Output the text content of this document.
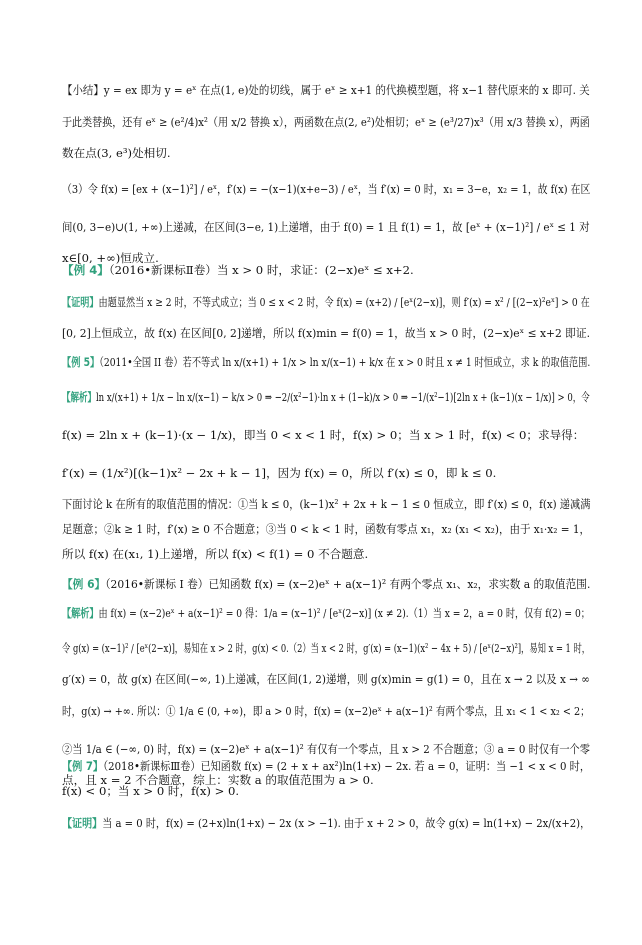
【小结】y = ex 即为 y = eˣ 在点(1, e)处的切线，属于 eˣ ≥ x+1 的代换模型题，将 x−1 替代原来的 x 即可. 关
于此类替换，还有 eˣ ≥ (e²/4)x²（用 x/2 替换 x），两函数在点(2, e²)处相切；eˣ ≥ (e³/27)x³（用 x/3 替换 x），两函
数在点(3, e³)处相切.
（3）令 f(x) = [ex + (x−1)²] / eˣ，f′(x) = −(x−1)(x+e−3) / eˣ，当 f′(x) = 0 时，x₁ = 3−e，x₂ = 1，故 f(x) 在区
间(0, 3−e)∪(1, +∞)上递减，在区间(3−e, 1)上递增，由于 f(0) = 1 且 f(1) = 1，故 [eˣ + (x−1)²] / eˣ ≤ 1 对
x∈[0, +∞)恒成立.
【例 4】（2016•新课标Ⅱ卷）当 x > 0 时，求证：(2−x)eˣ ≤ x+2.
【证明】由题显然当 x ≥ 2 时，不等式成立；当 0 ≤ x < 2 时，令 f(x) = (x+2) / [eˣ(2−x)]，则 f′(x) = x² / [(2−x)²eˣ] > 0 在
[0, 2]上恒成立，故 f(x) 在区间[0, 2]递增，所以 f(x)min = f(0) = 1，故当 x > 0 时，(2−x)eˣ ≤ x+2 即证.
【例 5】（2011•全国 II 卷）若不等式 ln x/(x+1) + 1/x > ln x/(x−1) + k/x 在 x > 0 时且 x ≠ 1 时恒成立，求 k 的取值范围.
【解析】ln x/(x+1) + 1/x − ln x/(x−1) − k/x > 0 ⇒ −2/(x²−1)·ln x + (1−k)/x > 0 ⇒ −1/(x²−1)[2ln x + (k−1)(x − 1/x)] > 0，令
f(x) = 2ln x + (k−1)·(x − 1/x)，即当 0 < x < 1 时，f(x) > 0；当 x > 1 时，f(x) < 0；求导得：
f′(x) = (1/x²)[(k−1)x² − 2x + k − 1]，因为 f(x) = 0，所以 f′(x) ≤ 0，即 k ≤ 0.
下面讨论 k 在所有的取值范围的情况：①当 k ≤ 0，(k−1)x² + 2x + k − 1 ≤ 0 恒成立，即 f′(x) ≤ 0，f(x) 递减满
足题意；②k ≥ 1 时，f′(x) ≥ 0 不合题意；③当 0 < k < 1 时，函数有零点 x₁，x₂ (x₁ < x₂)，由于 x₁·x₂ = 1，
所以 f(x) 在(x₁, 1)上递增，所以 f(x) < f(1) = 0 不合题意.
【例 6】（2016•新课标 I 卷）已知函数 f(x) = (x−2)eˣ + a(x−1)² 有两个零点 x₁、x₂，求实数 a 的取值范围.
【解析】由 f(x) = (x−2)eˣ + a(x−1)² = 0 得：1/a = (x−1)² / [eˣ(2−x)] (x ≠ 2).（1）当 x = 2，a = 0 时，仅有 f(2) = 0；
令 g(x) = (x−1)² / [eˣ(2−x)]，易知在 x > 2 时，g(x) < 0.（2）当 x < 2 时，g′(x) = (x−1)(x² − 4x + 5) / [eˣ(2−x)²]，易知 x = 1 时，
g′(x) = 0，故 g(x) 在区间(−∞, 1)上递减，在区间(1, 2)递增，则 g(x)min = g(1) = 0，且在 x → 2 以及 x → ∞
时，g(x) → +∞. 所以：① 1/a ∈ (0, +∞)，即 a > 0 时，f(x) = (x−2)eˣ + a(x−1)² 有两个零点，且 x₁ < 1 < x₂ < 2；
②当 1/a ∈ (−∞, 0) 时，f(x) = (x−2)eˣ + a(x−1)² 有仅有一个零点，且 x > 2 不合题意；③ a = 0 时仅有一个零
点，且 x = 2 不合题意，综上：实数 a 的取值范围为 a > 0.
【例 7】（2018•新课标Ⅲ卷）已知函数 f(x) = (2 + x + ax²)ln(1+x) − 2x. 若 a = 0，证明：当 −1 < x < 0 时，
f(x) < 0；当 x > 0 时，f(x) > 0.
【证明】当 a = 0 时，f(x) = (2+x)ln(1+x) − 2x (x > −1). 由于 x + 2 > 0，故令 g(x) = ln(1+x) − 2x/(x+2)，
